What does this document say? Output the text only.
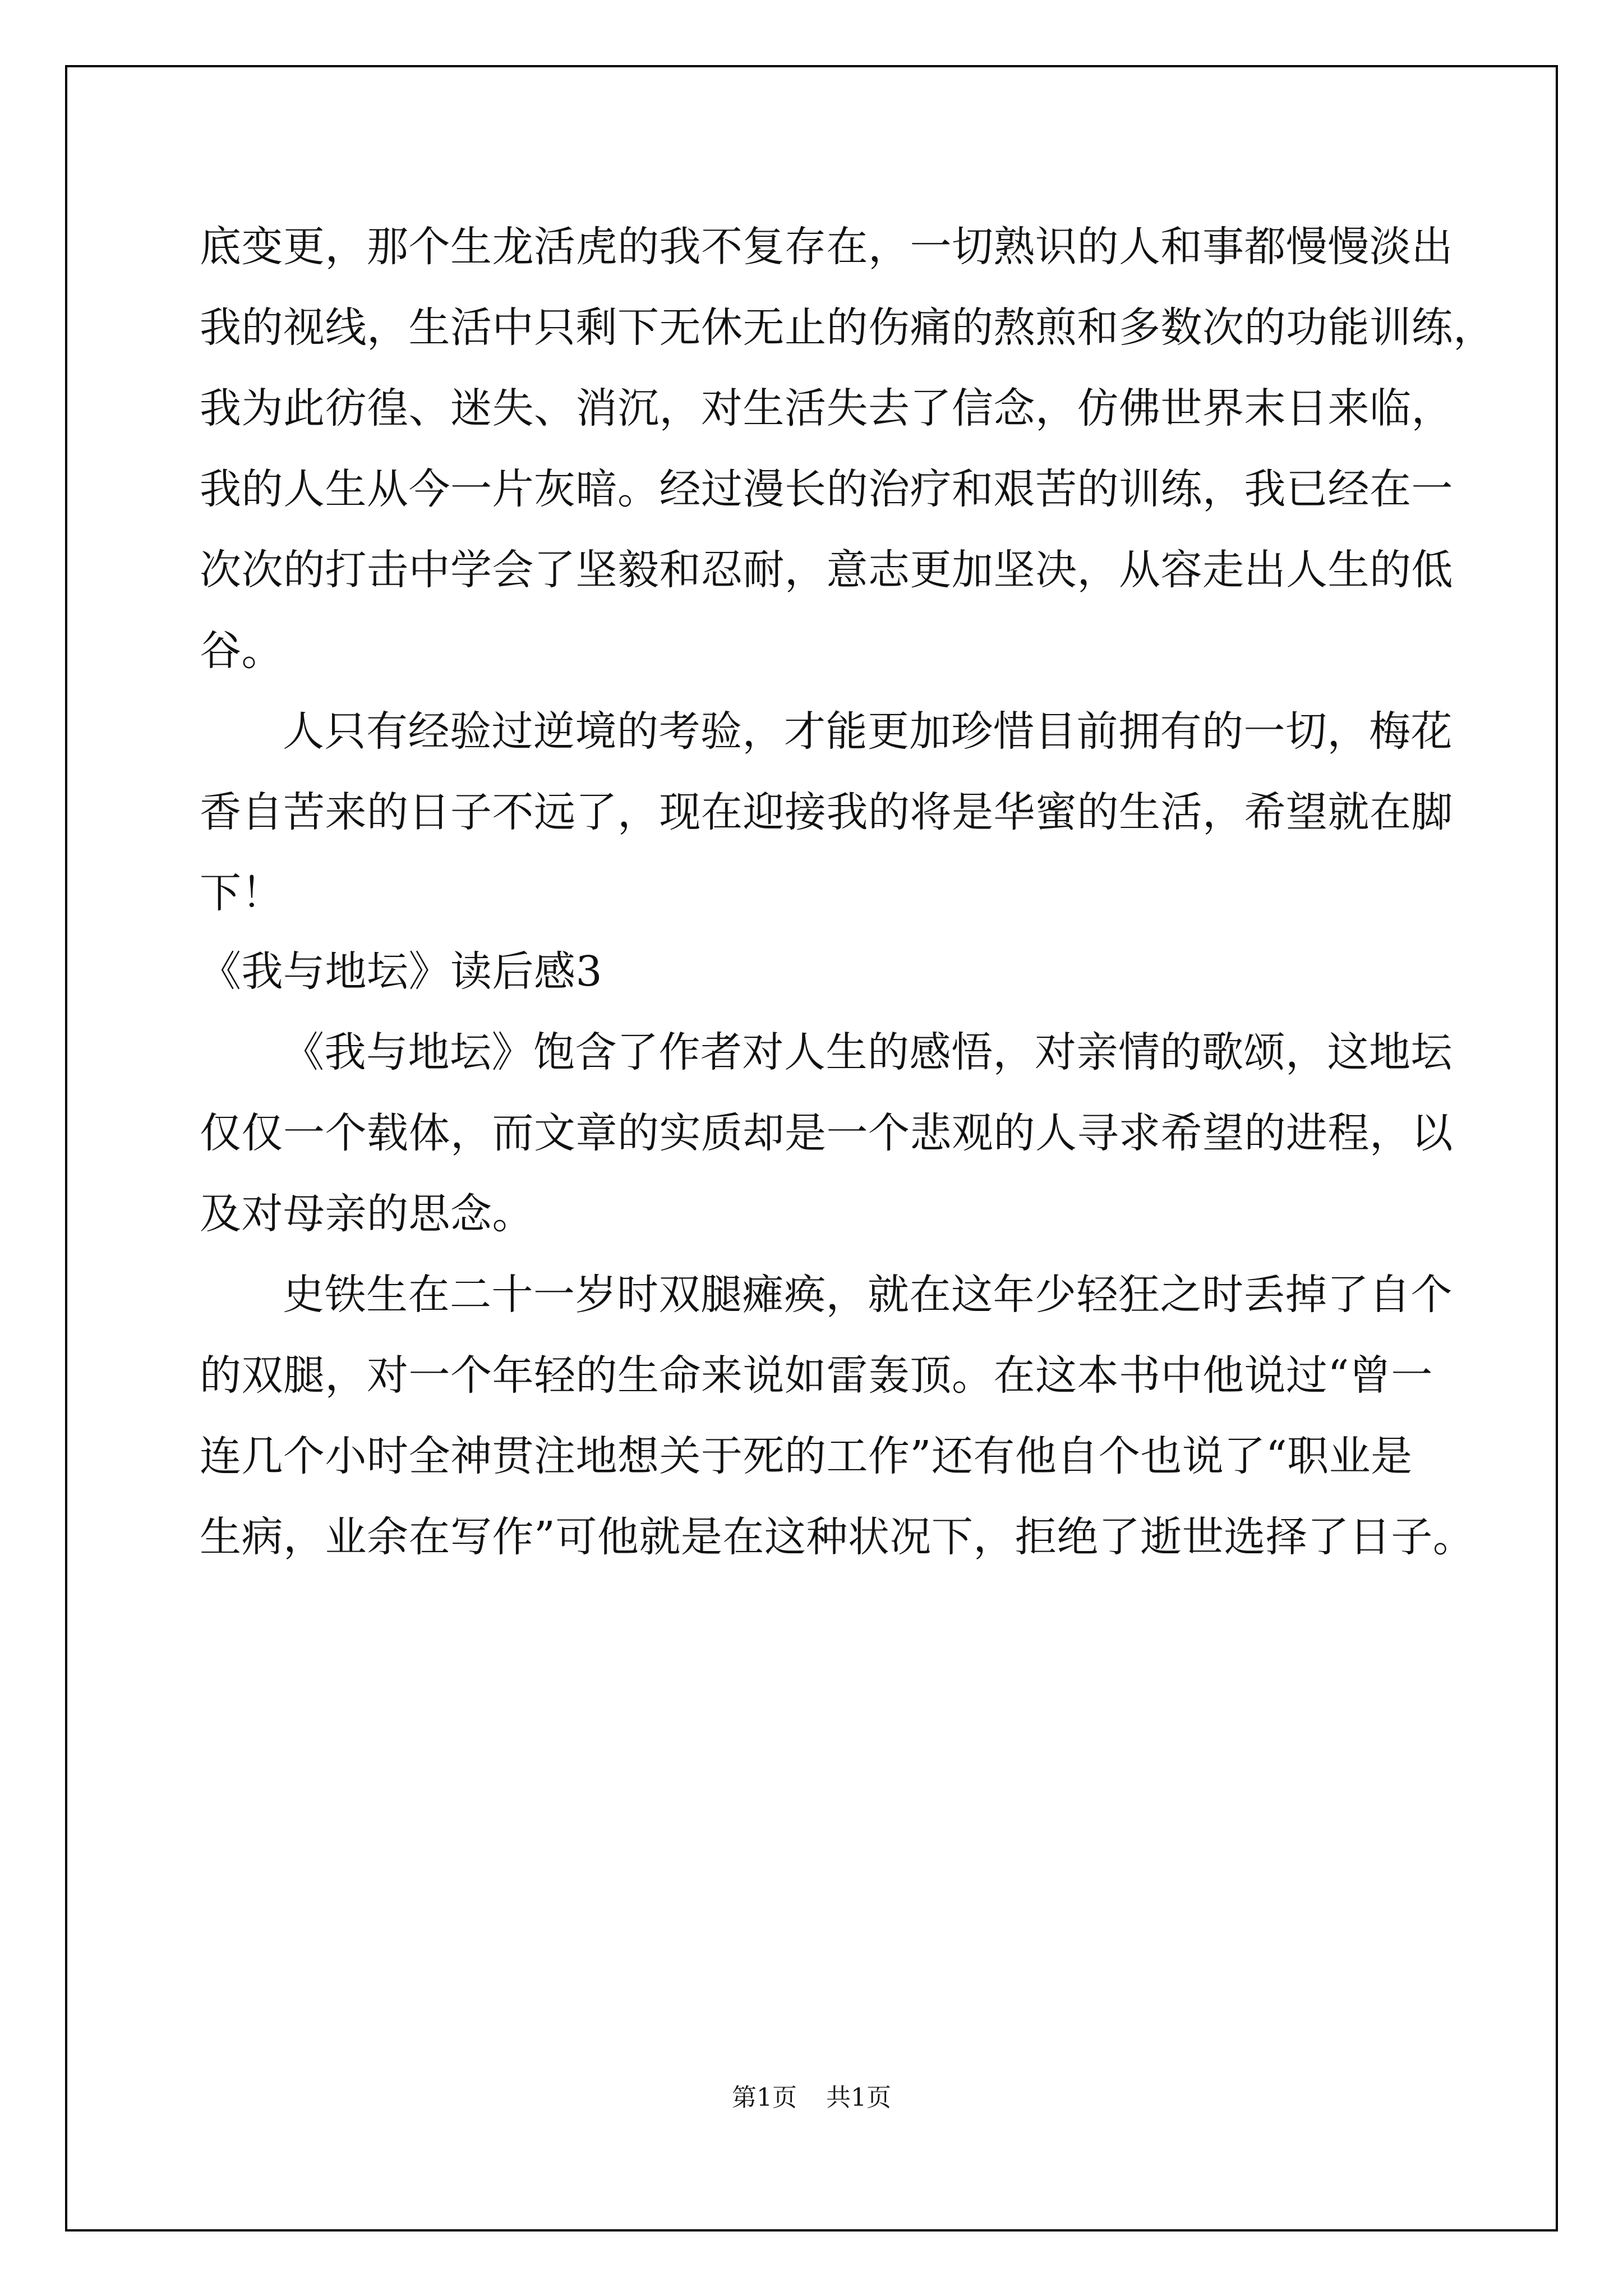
底变更，那个生龙活虎的我不复存在，一切熟识的人和事都慢慢淡出
我的视线，生活中只剩下无休无止的伤痛的熬煎和多数次的功能训练，
我为此彷徨、迷失、消沉，对生活失去了信念，仿佛世界末日来临，
我的人生从今一片灰暗。经过漫长的治疗和艰苦的训练，我已经在一
次次的打击中学会了坚毅和忍耐，意志更加坚决，从容走出人生的低
谷。
人只有经验过逆境的考验，才能更加珍惜目前拥有的一切，梅花
香自苦来的日子不远了，现在迎接我的将是华蜜的生活，希望就在脚
下！
《我与地坛》读后感3
《我与地坛》饱含了作者对人生的感悟，对亲情的歌颂，这地坛
仅仅一个载体，而文章的实质却是一个悲观的人寻求希望的进程，以
及对母亲的思念。
史铁生在二十一岁时双腿瘫痪，就在这年少轻狂之时丢掉了自个
的双腿，对一个年轻的生命来说如雷轰顶。在这本书中他说过“曾一
连几个小时全神贯注地想关于死的工作”还有他自个也说了“职业是
生病，业余在写作”可他就是在这种状况下，拒绝了逝世选择了日子。
第1页 共1页
